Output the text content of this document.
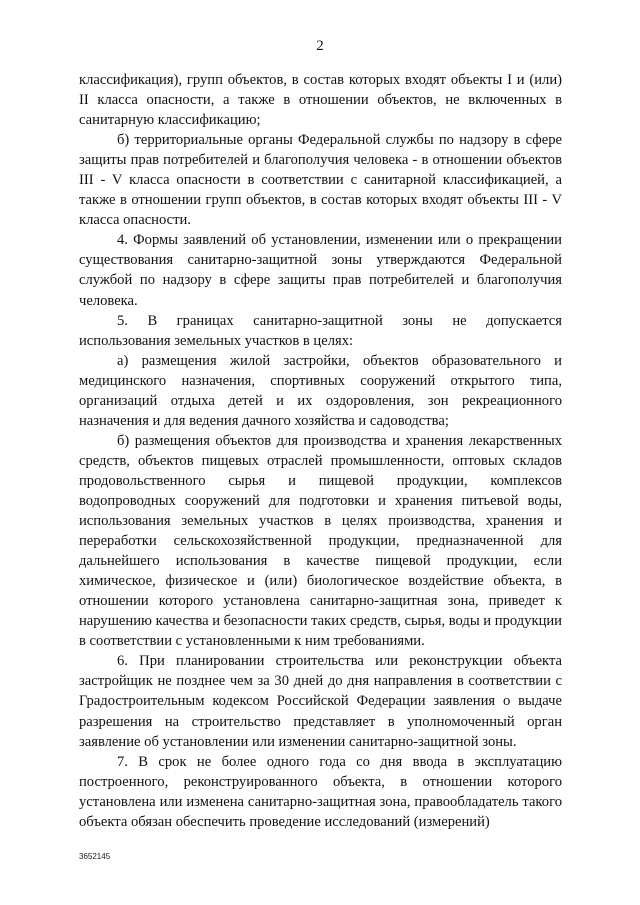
2

классификация), групп объектов, в состав которых входят объекты I и (или) II класса опасности, а также в отношении объектов, не включенных в санитарную классификацию;

б) территориальные органы Федеральной службы по надзору в сфере защиты прав потребителей и благополучия человека - в отношении объектов III - V класса опасности в соответствии с санитарной классификацией, а также в отношении групп объектов, в состав которых входят объекты III - V класса опасности.

4. Формы заявлений об установлении, изменении или о прекращении существования санитарно-защитной зоны утверждаются Федеральной службой по надзору в сфере защиты прав потребителей и благополучия человека.

5. В границах санитарно-защитной зоны не допускается использования земельных участков в целях:

а) размещения жилой застройки, объектов образовательного и медицинского назначения, спортивных сооружений открытого типа, организаций отдыха детей и их оздоровления, зон рекреационного назначения и для ведения дачного хозяйства и садоводства;

б) размещения объектов для производства и хранения лекарственных средств, объектов пищевых отраслей промышленности, оптовых складов продовольственного сырья и пищевой продукции, комплексов водопроводных сооружений для подготовки и хранения питьевой воды, использования земельных участков в целях производства, хранения и переработки сельскохозяйственной продукции, предназначенной для дальнейшего использования в качестве пищевой продукции, если химическое, физическое и (или) биологическое воздействие объекта, в отношении которого установлена санитарно-защитная зона, приведет к нарушению качества и безопасности таких средств, сырья, воды и продукции в соответствии с установленными к ним требованиями.

6. При планировании строительства или реконструкции объекта застройщик не позднее чем за 30 дней до дня направления в соответствии с Градостроительным кодексом Российской Федерации заявления о выдаче разрешения на строительство представляет в уполномоченный орган заявление об установлении или изменении санитарно-защитной зоны.

7. В срок не более одного года со дня ввода в эксплуатацию построенного, реконструированного объекта, в отношении которого установлена или изменена санитарно-защитная зона, правообладатель такого объекта обязан обеспечить проведение исследований (измерений)

3652145
